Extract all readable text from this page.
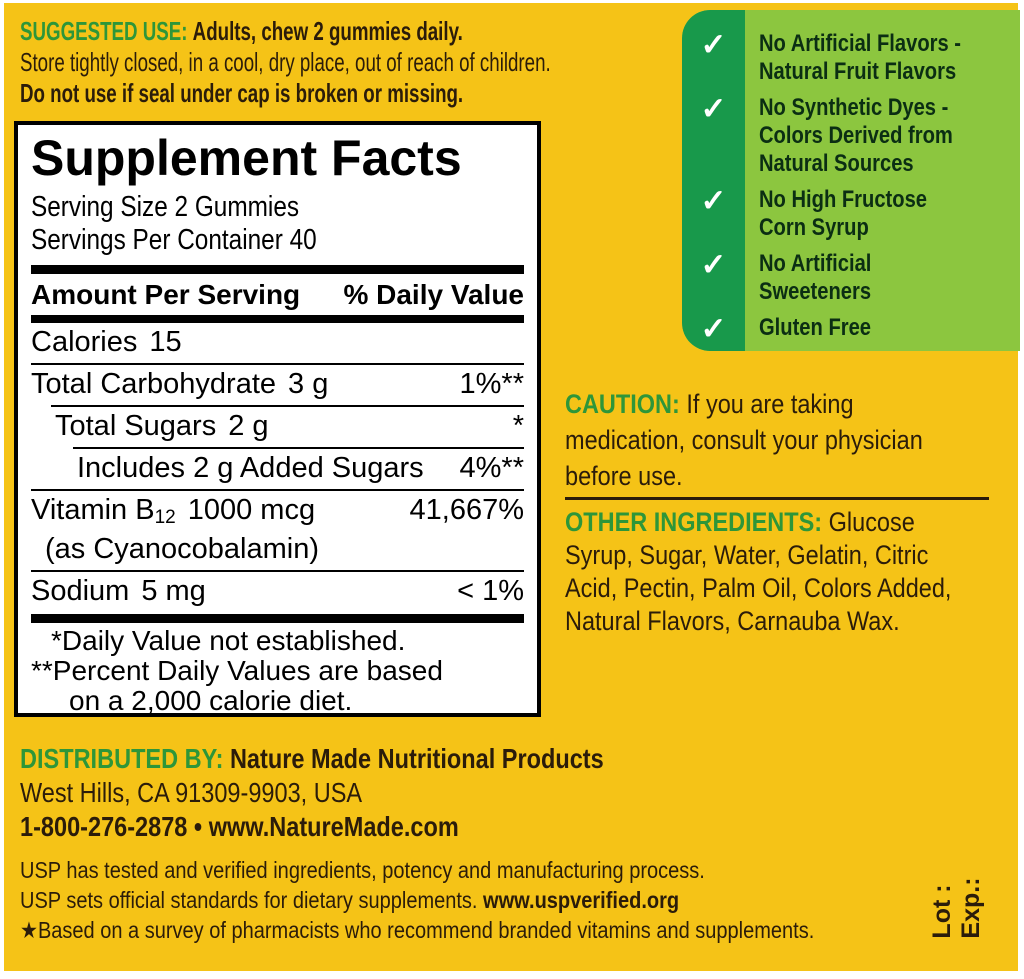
SUGGESTED USE: Adults, chew 2 gummies daily.
Store tightly closed, in a cool, dry place, out of reach of children.
Do not use if seal under cap is broken or missing.
✓	No Artificial Flavors -
Natural Fruit Flavors
✓	No Synthetic Dyes -
Colors Derived from
Natural Sources
✓	No High Fructose
Corn Syrup
✓	No Artificial
Sweeteners
✓	Gluten Free
Supplement Facts
Serving Size 2 Gummies
Servings Per Container 40
Amount Per Serving % Daily Value
Calories 15
Total Carbohydrate 3 g	1%**
Total Sugars 2 g	*
Includes 2 g Added Sugars 4%**
Vitamin B12 1000 mcg	41,667%
(as Cyanocobalamin)
Sodium 5 mg	< 1%
*Daily Value not established.
**Percent Daily Values are based
on a 2,000 calorie diet.
CAUTION: If you are taking
medication, consult your physician
before use.
OTHER INGREDIENTS: Glucose
Syrup, Sugar, Water, Gelatin, Citric
Acid, Pectin, Palm Oil, Colors Added,
Natural Flavors, Carnauba Wax.
DISTRIBUTED BY: Nature Made Nutritional Products
West Hills, CA 91309-9903, USA
1-800-276-2878 • www.NatureMade.com
USP has tested and verified ingredients, potency and manufacturing process.
USP sets official standards for dietary supplements. www.uspverified.org
★Based on a survey of pharmacists who recommend branded vitamins and supplements.	Lot : Exp.:
